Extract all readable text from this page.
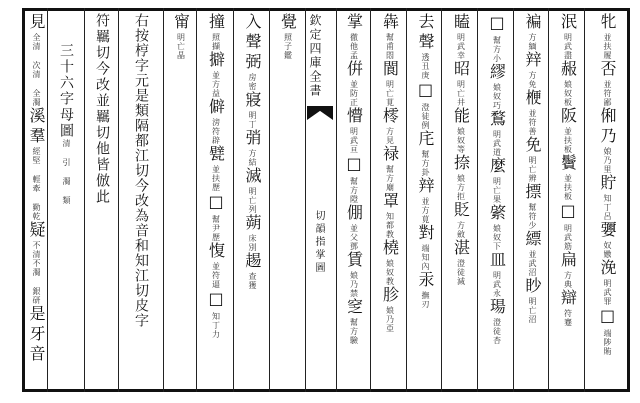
欽定四庫全書
切韻指掌圖
牝
並扶履
否
並符鄙
俰乃
娘乃里
貯
知丁呂
㜷
奴嫐
浼
明武罪
□
端陟賄
泯
明武盡
赧
娘奴板
阪
並扶板
鬢
並扶板
□
明武筋
扁
方典
辯
符蹇
褊
方緬
辡
方免
楩
並符善
免
明亡辨
摽
幫符少
縹
並武沼
眇
明亡沼
□
幫方小
繆
娘奴巧
鶩
明武道
麼
明亡果
綮
娘奴下
皿
明武永
瑒
澄徒杏
瞌
明武幸
昭
明亡井
能
娘奴等
捺
娘方拒
貶
方斂
湛
澄徒減
去聲
透丑庚
□
澄徒例
㡯
幫方卦
辡
並方莧
對
端知內
汞
撫刃
犇
幫甫悶
閬
明亡莧
㯪
方見
䘵
幫方廟
罩
知都教
橈
娘奴教
胗
娘乃亞
掌
徹他孟
倂
並防正
懵
明武亘
□
幫方隥
倗
並父鄧
賃
娘乃禁
窆
幫方驗
覺
照子鑑
入聲
弼
房密
寢
明丁
弰
方結
滅
明亡列
蒴
床別
䞶
查獲
撞
照擷
擗
並方益
僻
滂符辟
甓
並扶歷
□
幫尹歷
愎
並符逼
□
知丁力
甯
明亡晶
右按梈字元是類隔都江切今改為音和知江切皮字
符羈切今改並羈切他皆倣此
三十六字母圖
清 引 濁 類
見
全清 次清 全濁
溪
羣
經堅 輕牽 勤乾
疑
不清不濁 銀研
是牙音
